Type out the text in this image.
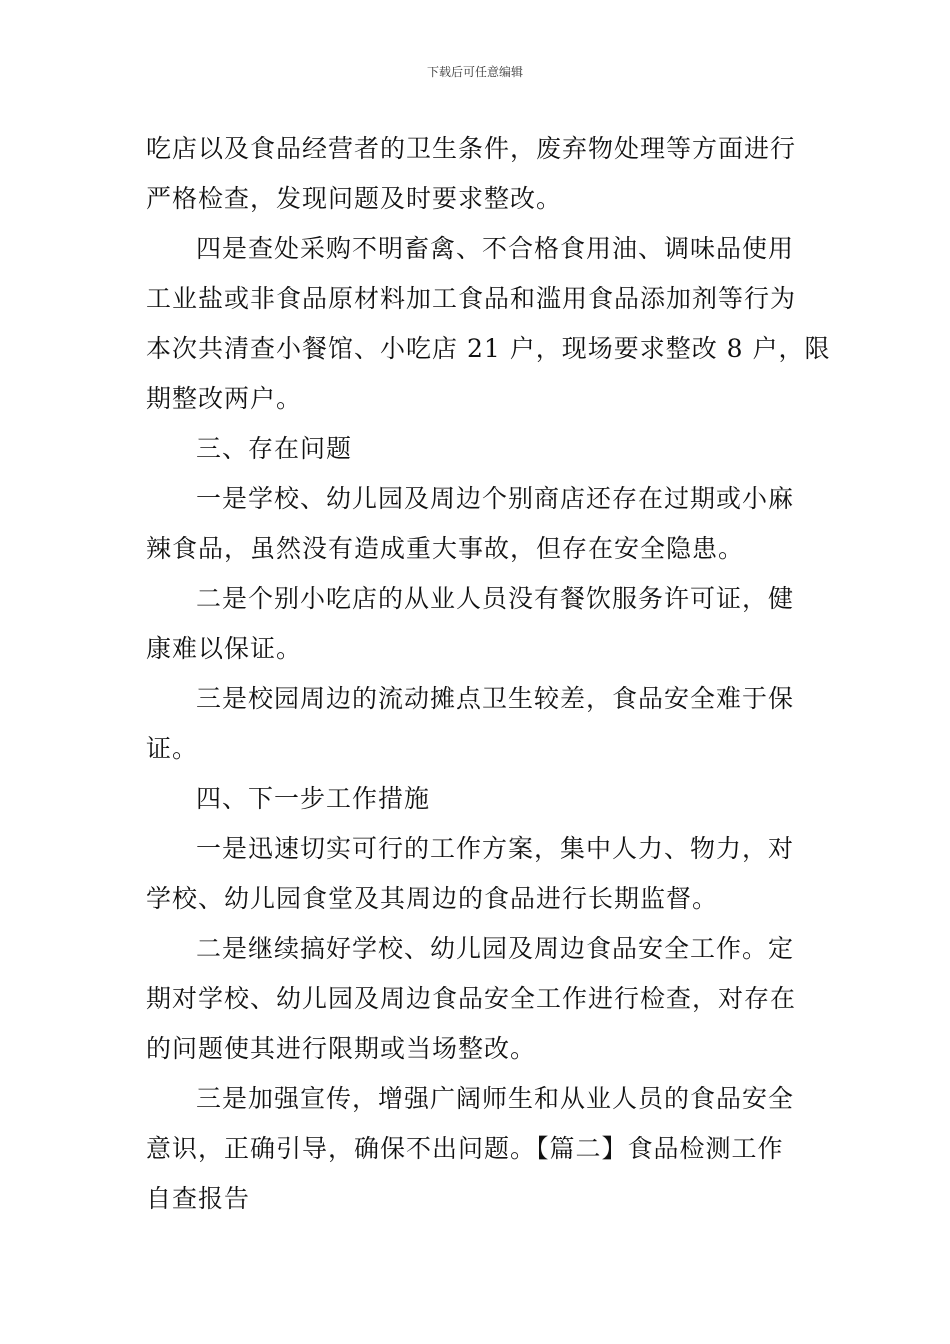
下载后可任意编辑

吃店以及食品经营者的卫生条件，废弃物处理等方面进行
严格检查，发现问题及时要求整改。

四是查处采购不明畜禽、不合格食用油、调味品使用
工业盐或非食品原材料加工食品和滥用食品添加剂等行为
本次共清查小餐馆、小吃店 21 户，现场要求整改 8 户，限
期整改两户。

三、存在问题

一是学校、幼儿园及周边个别商店还存在过期或小麻
辣食品，虽然没有造成重大事故，但存在安全隐患。

二是个别小吃店的从业人员没有餐饮服务许可证，健
康难以保证。

三是校园周边的流动摊点卫生较差，食品安全难于保
证。

四、下一步工作措施

一是迅速切实可行的工作方案，集中人力、物力，对
学校、幼儿园食堂及其周边的食品进行长期监督。

二是继续搞好学校、幼儿园及周边食品安全工作。定
期对学校、幼儿园及周边食品安全工作进行检查，对存在
的问题使其进行限期或当场整改。

三是加强宣传，增强广阔师生和从业人员的食品安全
意识，正确引导，确保不出问题。【篇二】食品检测工作
自查报告
